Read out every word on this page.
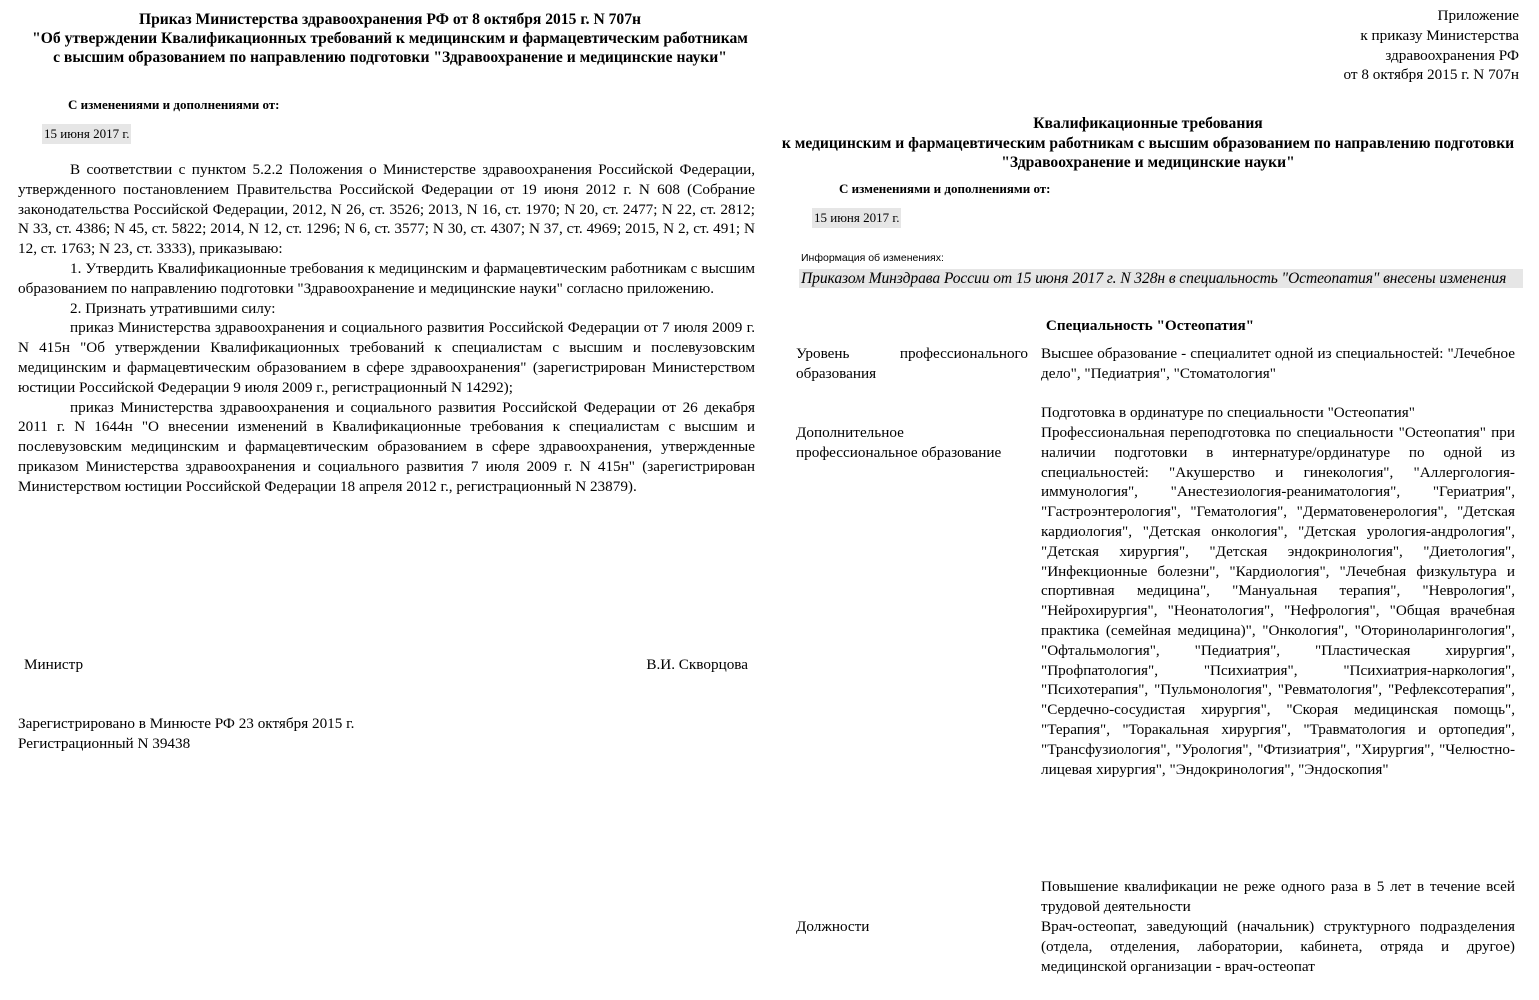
Приказ Министерства здравоохранения РФ от 8 октября 2015 г. N 707н
"Об утверждении Квалификационных требований к медицинским и фармацевтическим работникам с высшим образованием по направлению подготовки "Здравоохранение и медицинские науки"
С изменениями и дополнениями от:
15 июня 2017 г.

В соответствии с пунктом 5.2.2 Положения о Министерстве здравоохранения Российской Федерации, утвержденного постановлением Правительства Российской Федерации от 19 июня 2012 г. N 608 (Собрание законодательства Российской Федерации, 2012, N 26, ст. 3526; 2013, N 16, ст. 1970; N 20, ст. 2477; N 22, ст. 2812; N 33, ст. 4386; N 45, ст. 5822; 2014, N 12, ст. 1296; N 6, ст. 3577; N 30, ст. 4307; N 37, ст. 4969; 2015, N 2, ст. 491; N 12, ст. 1763; N 23, ст. 3333), приказываю:

1. Утвердить Квалификационные требования к медицинским и фармацевтическим работникам с высшим образованием по направлению подготовки "Здравоохранение и медицинские науки" согласно приложению.

2. Признать утратившими силу:

приказ Министерства здравоохранения и социального развития Российской Федерации от 7 июля 2009 г. N 415н "Об утверждении Квалификационных требований к специалистам с высшим и послевузовским медицинским и фармацевтическим образованием в сфере здравоохранения" (зарегистрирован Министерством юстиции Российской Федерации 9 июля 2009 г., регистрационный N 14292);

приказ Министерства здравоохранения и социального развития Российской Федерации от 26 декабря 2011 г. N 1644н "О внесении изменений в Квалификационные требования к специалистам с высшим и послевузовским медицинским и фармацевтическим образованием в сфере здравоохранения, утвержденные приказом Министерства здравоохранения и социального развития 7 июля 2009 г. N 415н" (зарегистрирован Министерством юстиции Российской Федерации 18 апреля 2012 г., регистрационный N 23879).

Министр	В.И. Скворцова
Зарегистрировано в Минюсте РФ 23 октября 2015 г.
Регистрационный N 39438
Приложение
к приказу Министерства
здравоохранения РФ
от 8 октября 2015 г. N 707н
Квалификационные требования
к медицинским и фармацевтическим работникам с высшим образованием по направлению подготовки "Здравоохранение и медицинские науки"
С изменениями и дополнениями от:
15 июня 2017 г.
Информация об изменениях:
Приказом Минздрава России от 15 июня 2017 г. N 328н в специальность "Остеопатия" внесены изменения
Специальность "Остеопатия"
Уровень профессионального образования
Высшее образование - специалитет одной из специальностей: "Лечебное дело", "Педиатрия", "Стоматология"
Подготовка в ординатуре по специальности "Остеопатия"
Дополнительное профессиональное образование
Профессиональная переподготовка по специальности "Остеопатия" при наличии подготовки в интернатуре/ординатуре по одной из специальностей: "Акушерство и гинекология", "Аллергология-иммунология", "Анестезиология-реаниматология", "Гериатрия", "Гастроэнтерология", "Гематология", "Дерматовенерология", "Детская кардиология", "Детская онкология", "Детская урология-андрология", "Детская хирургия", "Детская эндокринология", "Диетология", "Инфекционные болезни", "Кардиология", "Лечебная физкультура и спортивная медицина", "Мануальная терапия", "Неврология", "Нейрохирургия", "Неонатология", "Нефрология", "Общая врачебная практика (семейная медицина)", "Онкология", "Оториноларингология", "Офтальмология", "Педиатрия", "Пластическая хирургия", "Профпатология", "Психиатрия", "Психиатрия-наркология", "Психотерапия", "Пульмонология", "Ревматология", "Рефлексотерапия", "Сердечно-сосудистая хирургия", "Скорая медицинская помощь", "Терапия", "Торакальная хирургия", "Травматология и ортопедия", "Трансфузиология", "Урология", "Фтизиатрия", "Хирургия", "Челюстно-лицевая хирургия", "Эндокринология", "Эндоскопия"
Повышение квалификации не реже одного раза в 5 лет в течение всей трудовой деятельности
Должности	Врач-остеопат, заведующий (начальник) структурного подразделения (отдела, отделения, лаборатории, кабинета, отряда и другое) медицинской организации - врач-остеопат
